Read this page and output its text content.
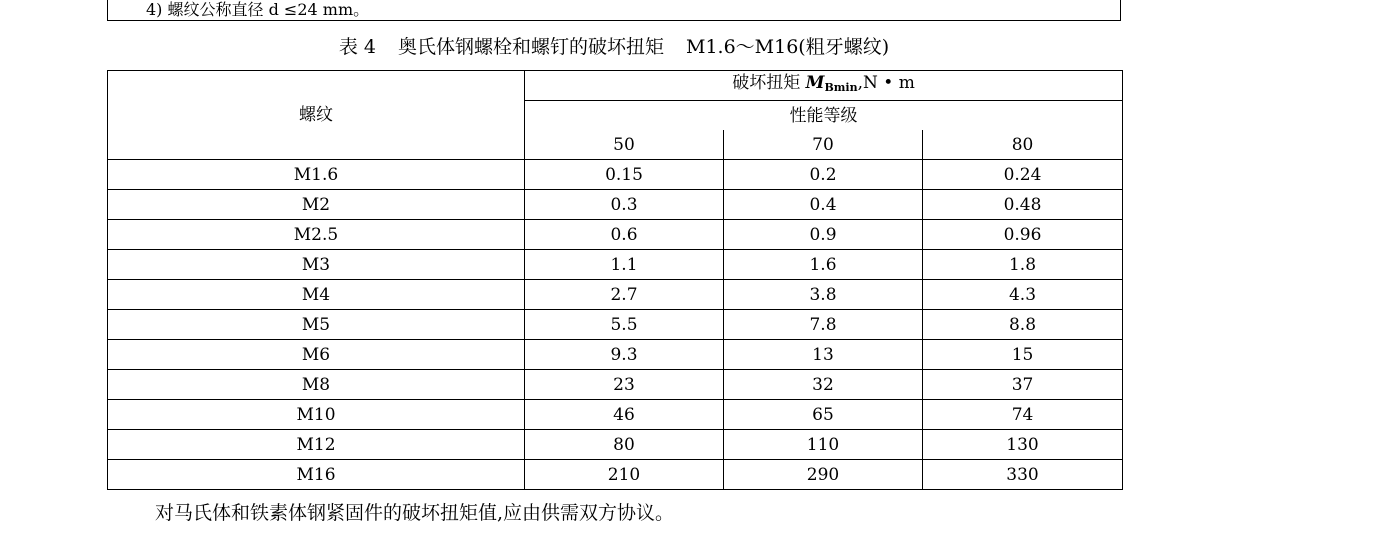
4) 螺纹公称直径 d ≤24 mm。
表 4 奥氏体钢螺栓和螺钉的破坏扭矩 M1.6～M16(粗牙螺纹)
螺纹	破坏扭矩 $M_{Bmin},N$ • m		
	性能等级		
	50	70	80
M1.6	0.15	0.2	0.24
M2	0.3	0.4	0.48
M2.5	0.6	0.9	0.96
M3	1.1	1.6	1.8
M4	2.7	3.8	4.3
M5	5.5	7.8	8.8
M6	9.3	13	15
M8	23	32	37
M10	46	65	74
M12	80	110	130
M16	210	290	330
对马氏体和铁素体钢紧固件的破坏扭矩值,应由供需双方协议。
